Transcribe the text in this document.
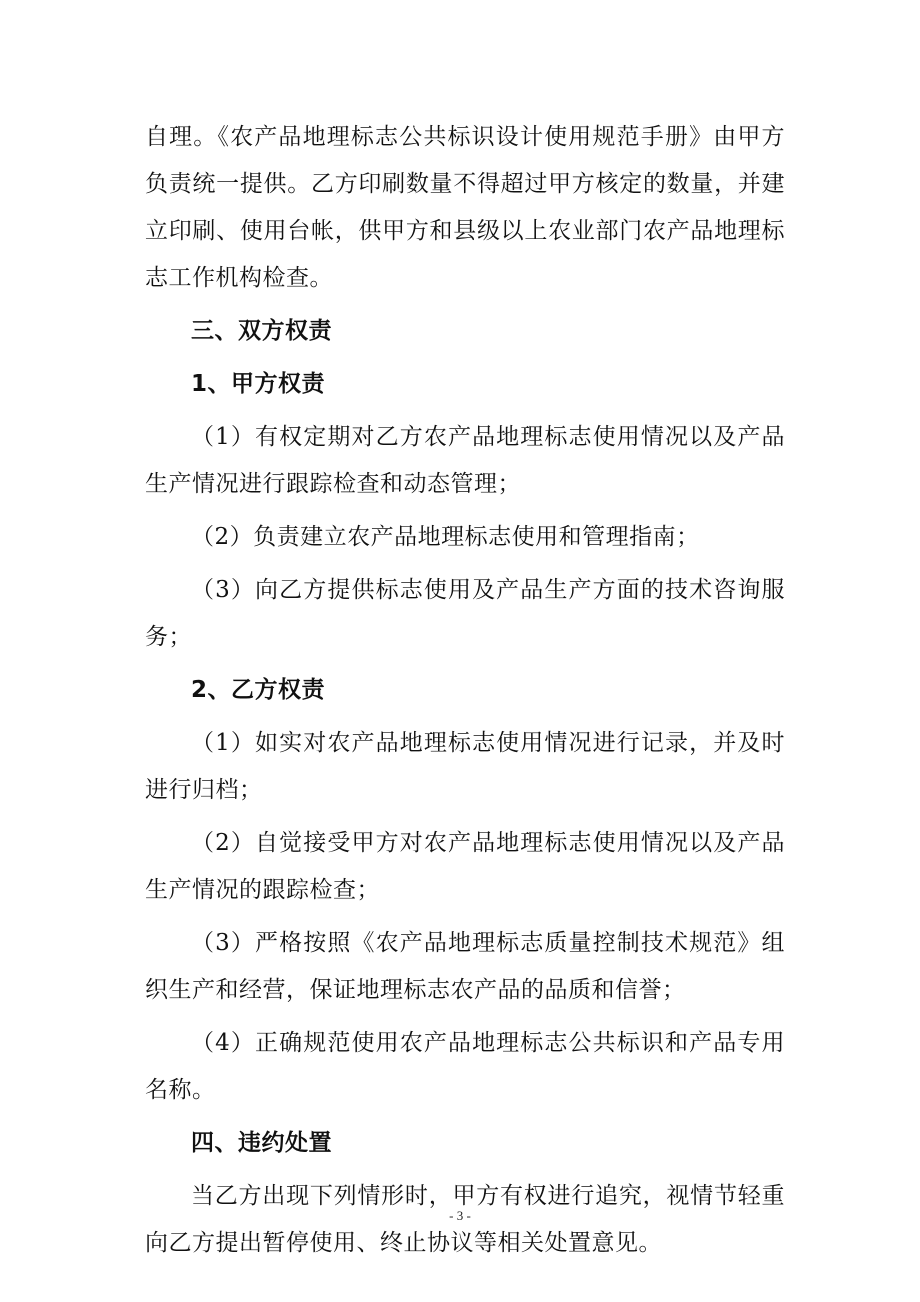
自理。《农产品地理标志公共标识设计使用规范手册》由甲方负责统一提供。乙方印刷数量不得超过甲方核定的数量，并建立印刷、使用台帐，供甲方和县级以上农业部门农产品地理标志工作机构检查。

三、双方权责

1、甲方权责

（1）有权定期对乙方农产品地理标志使用情况以及产品生产情况进行跟踪检查和动态管理；

（2）负责建立农产品地理标志使用和管理指南；

（3）向乙方提供标志使用及产品生产方面的技术咨询服务；

2、乙方权责

（1）如实对农产品地理标志使用情况进行记录，并及时进行归档；

（2）自觉接受甲方对农产品地理标志使用情况以及产品生产情况的跟踪检查；

（3）严格按照《农产品地理标志质量控制技术规范》组织生产和经营，保证地理标志农产品的品质和信誉；

（4）正确规范使用农产品地理标志公共标识和产品专用名称。

四、违约处置

当乙方出现下列情形时，甲方有权进行追究，视情节轻重向乙方提出暂停使用、终止协议等相关处置意见。

- 3 -
